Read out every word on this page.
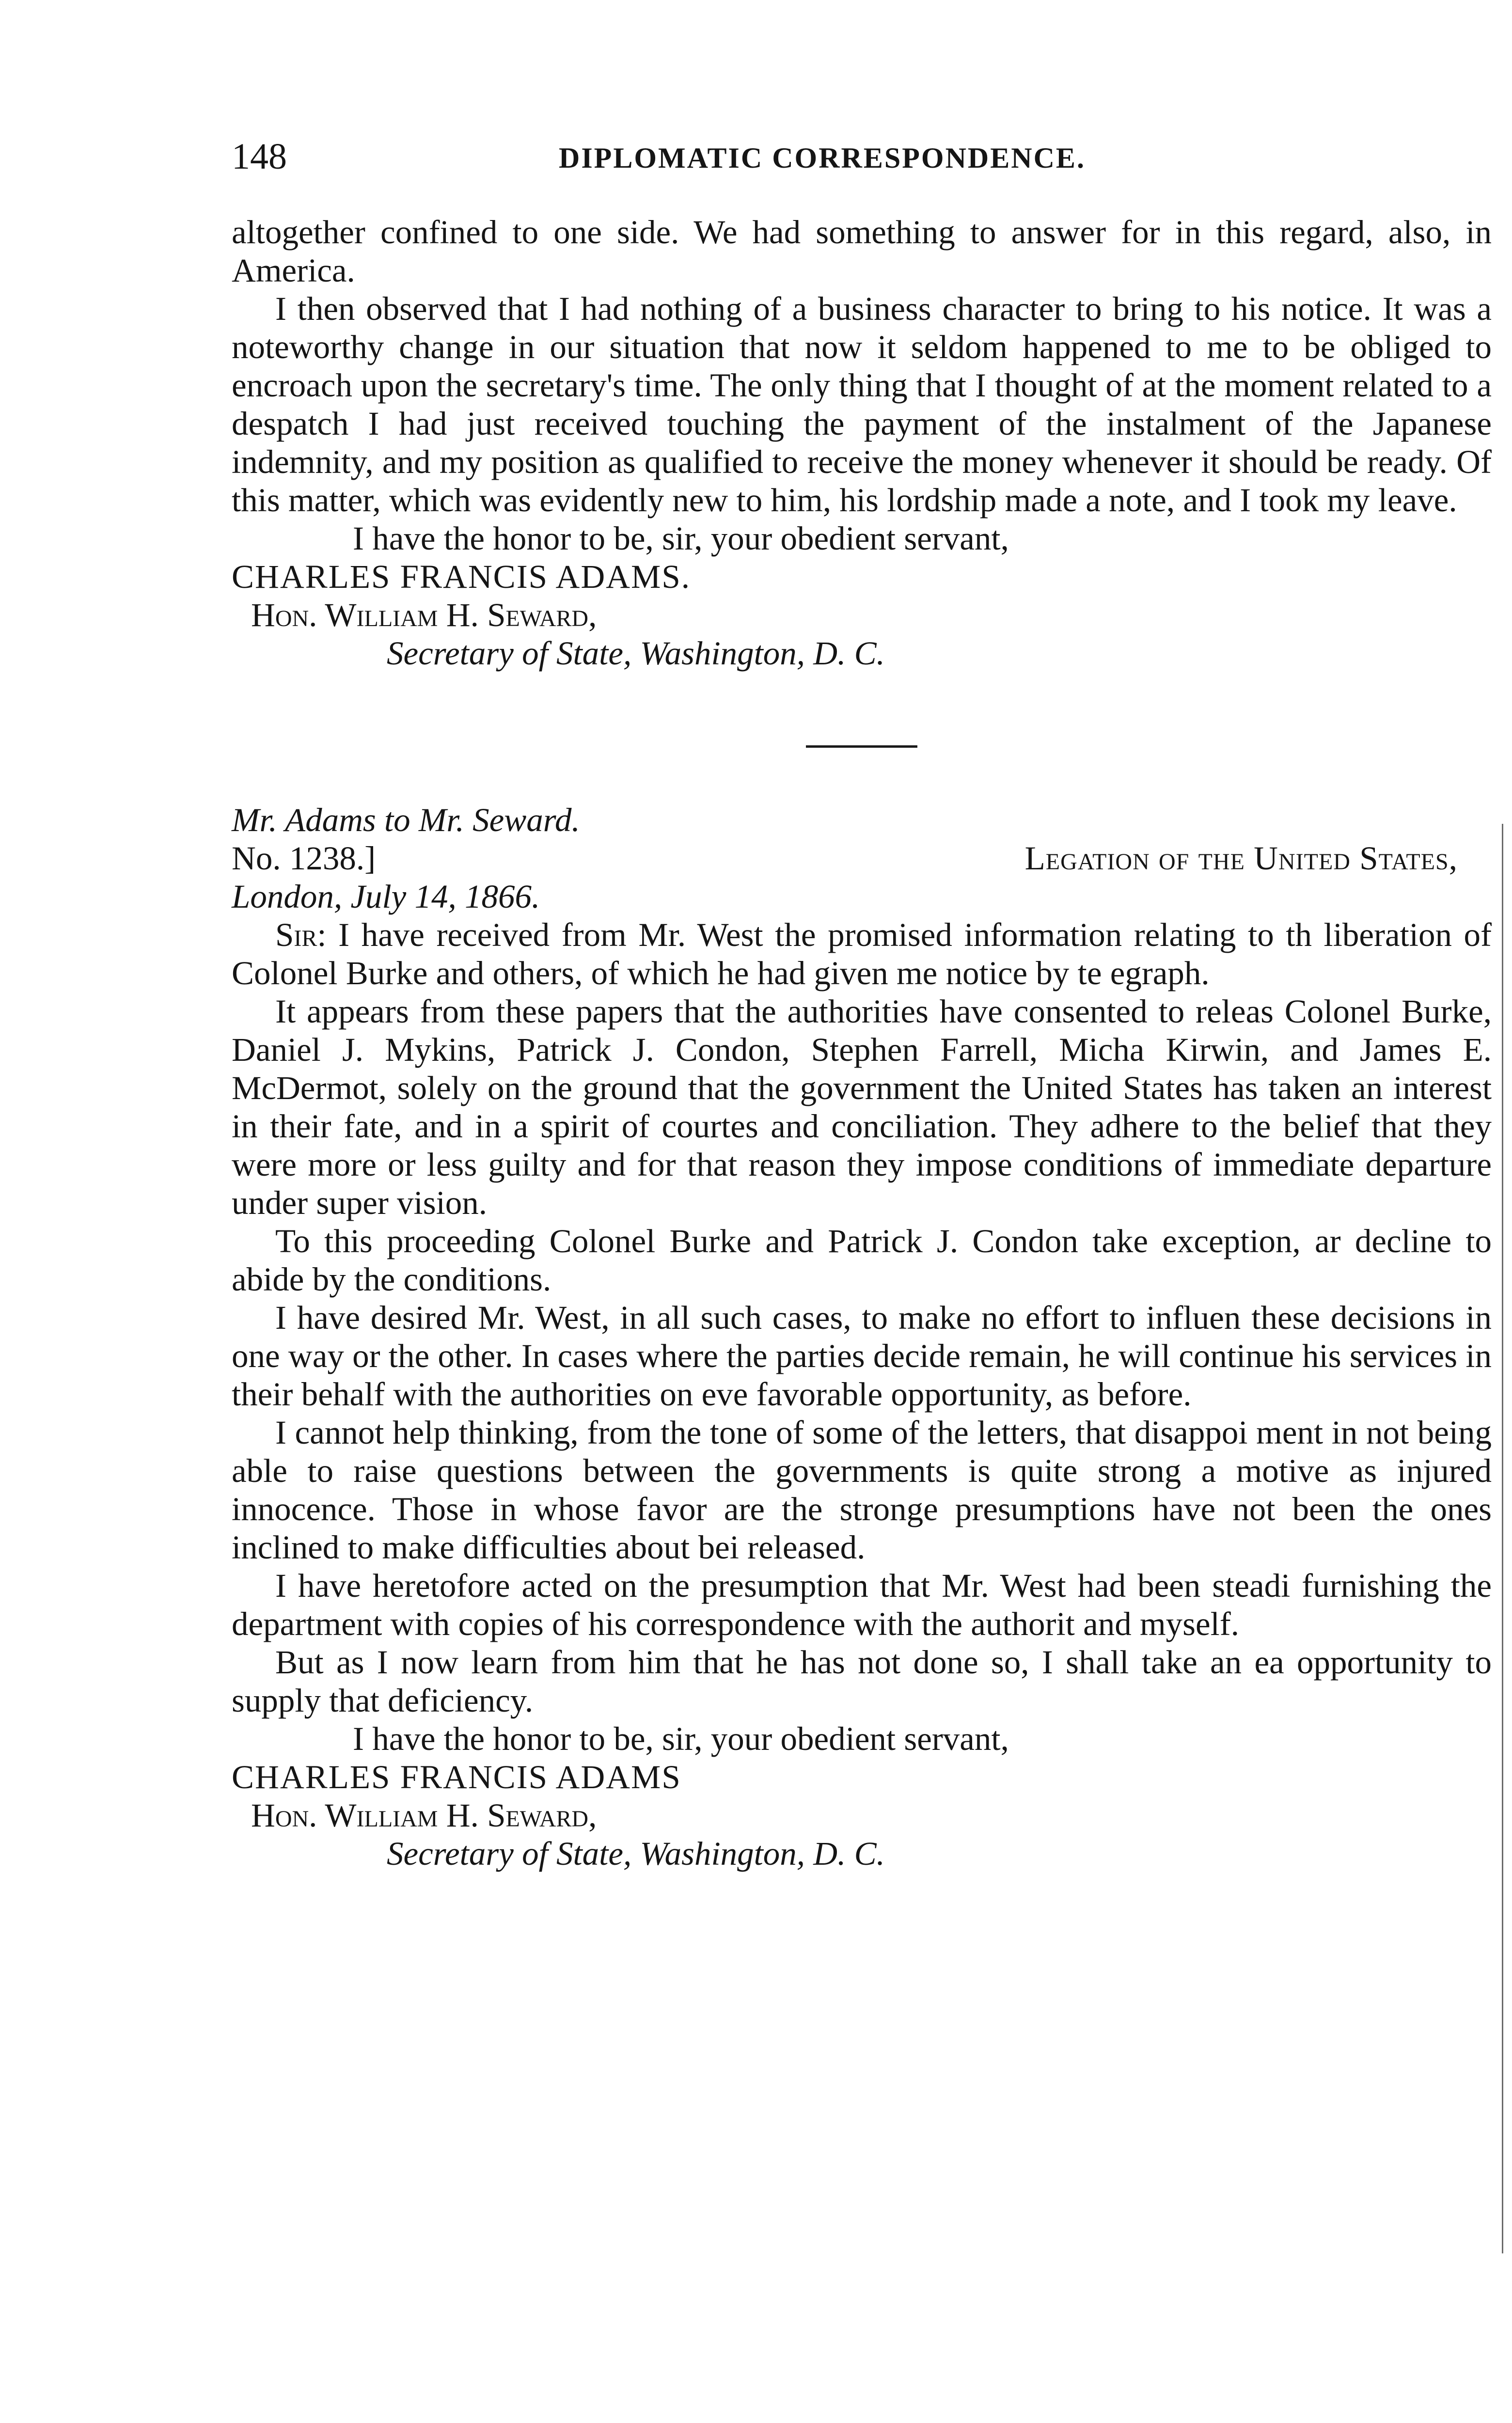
148	DIPLOMATIC CORRESPONDENCE.

altogether confined to one side. We had something to answer for in this regard, also, in America.

I then observed that I had nothing of a business character to bring to his notice. It was a noteworthy change in our situation that now it seldom happened to me to be obliged to encroach upon the secretary's time. The only thing that I thought of at the moment related to a despatch I had just received touching the payment of the instalment of the Japanese indemnity, and my position as qualified to receive the money whenever it should be ready. Of this matter, which was evidently new to him, his lordship made a note, and I took my leave.

I have the honor to be, sir, your obedient servant,

CHARLES FRANCIS ADAMS.

Hon. William H. Seward,

Secretary of State, Washington, D. C.

Mr. Adams to Mr. Seward.

No. 1238.]	Legation of the United States,

London, July 14, 1866.

Sir: I have received from Mr. West the promised information relating to th liberation of Colonel Burke and others, of which he had given me notice by te egraph.

It appears from these papers that the authorities have consented to releas Colonel Burke, Daniel J. Mykins, Patrick J. Condon, Stephen Farrell, Micha Kirwin, and James E. McDermot, solely on the ground that the government the United States has taken an interest in their fate, and in a spirit of courtes and conciliation. They adhere to the belief that they were more or less guilty and for that reason they impose conditions of immediate departure under super vision.

To this proceeding Colonel Burke and Patrick J. Condon take exception, ar decline to abide by the conditions.

I have desired Mr. West, in all such cases, to make no effort to influen these decisions in one way or the other. In cases where the parties decide remain, he will continue his services in their behalf with the authorities on eve favorable opportunity, as before.

I cannot help thinking, from the tone of some of the letters, that disappoi ment in not being able to raise questions between the governments is quite strong a motive as injured innocence. Those in whose favor are the stronge presumptions have not been the ones inclined to make difficulties about bei released.

I have heretofore acted on the presumption that Mr. West had been steadi furnishing the department with copies of his correspondence with the authorit and myself.

But as I now learn from him that he has not done so, I shall take an ea opportunity to supply that deficiency.

I have the honor to be, sir, your obedient servant,

CHARLES FRANCIS ADAMS

Hon. William H. Seward,

Secretary of State, Washington, D. C.
